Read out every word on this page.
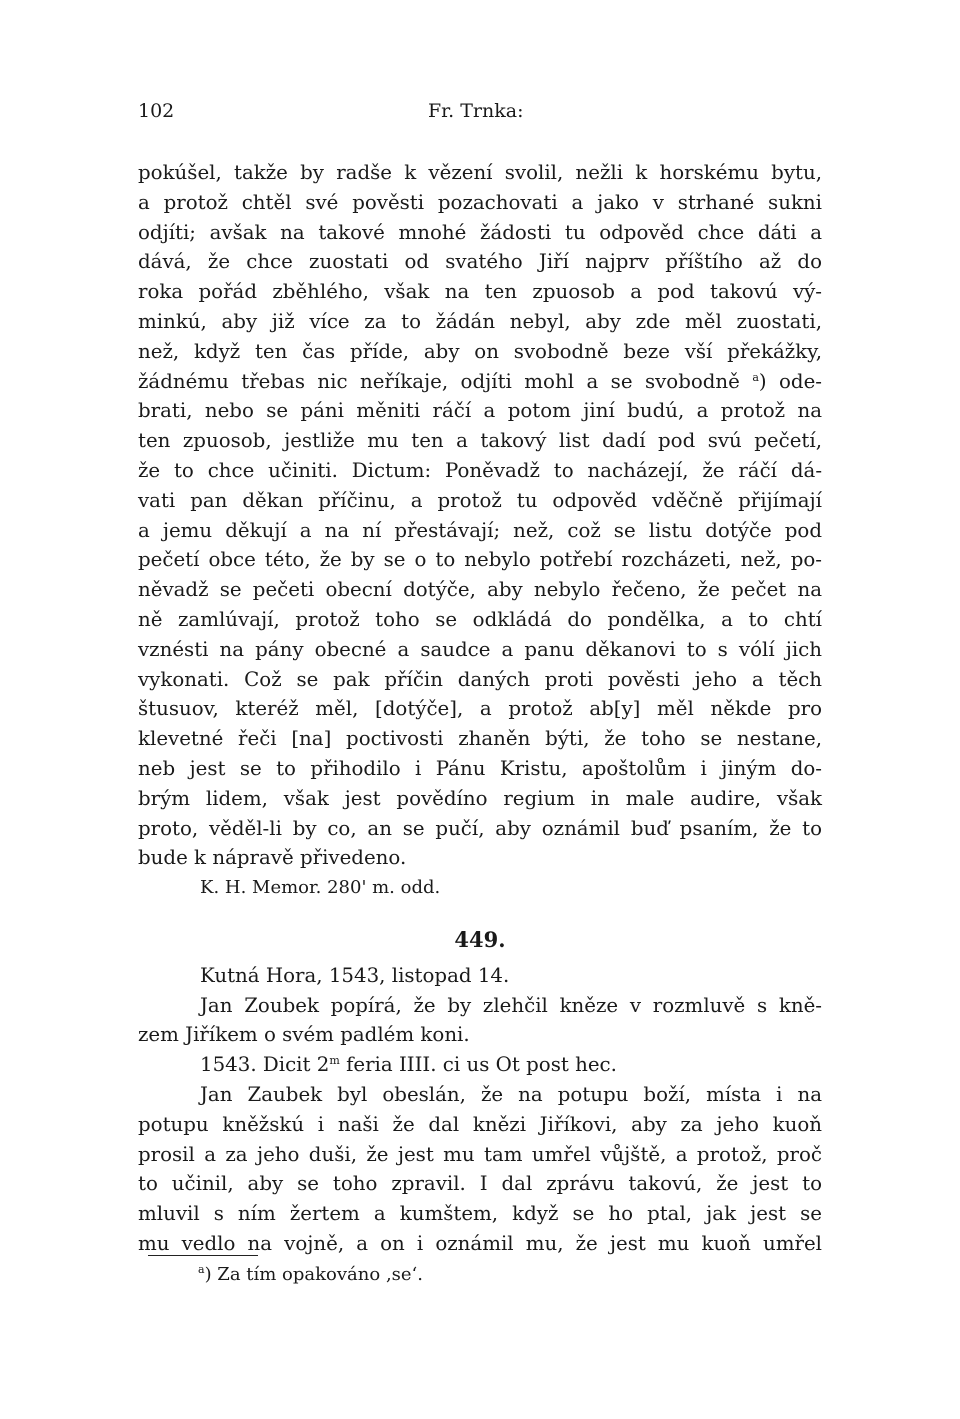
102	Fr. Trnka:
pokúšel, takže by radše k vězení svolil, nežli k horskému bytu,
a protož chtěl své pověsti pozachovati a jako v strhané sukni
odjíti; avšak na takové mnohé žádosti tu odpověd chce dáti a
dává, že chce zuostati od svatého Jiří najprv příštího až do
roka pořád zběhlého, však na ten zpuosob a pod takovú vý-
minkú, aby již více za to žádán nebyl, aby zde měl zuostati,
než, když ten čas příde, aby on svobodně beze vší překážky,
žádnému třebas nic neříkaje, odjíti mohl a se svobodně $^a$) ode-
brati, nebo se páni měniti ráčí a potom jiní budú, a protož na
ten zpuosob, jestliže mu ten a takový list dadí pod svú pečetí,
že to chce učiniti. Dictum: Poněvadž to nacházejí, že ráčí dá-
vati pan děkan příčinu, a protož tu odpověd vděčně přijímají
a jemu děkují a na ní přestávají; než, což se listu dotýče pod
pečetí obce této, že by se o to nebylo potřebí rozcházeti, než, po-
něvadž se pečeti obecní dotýče, aby nebylo řečeno, že pečet na
ně zamlúvají, protož toho se odkládá do pondělka, a to chtí
vznésti na pány obecné a saudce a panu děkanovi to s vólí jich
vykonati. Což se pak příčin daných proti pověsti jeho a těch
štusuov, kteréž měl, [dotýče], a protož ab[y] měl někde pro
klevetné řeči [na] poctivosti zhaněn býti, že toho se nestane,
neb jest se to přihodilo i Pánu Kristu, apoštolům i jiným do-
brým lidem, však jest povědíno regium in male audire, však
proto, věděl-li by co, an se pučí, aby oznámil buď psaním, že to
bude k nápravě přivedeno.
K. H. Memor. 280' m. odd.
449.
Kutná Hora, 1543, listopad 14.
Jan Zoubek popírá, že by zlehčil kněze v rozmluvě s kně-
zem Jiříkem o svém padlém koni.
1543. Dicit 2$^m$ feria IIII. ci us Ot post hec.
Jan Zaubek byl obeslán, že na potupu boží, místa i na
potupu kněžskú i naši že dal knězi Jiříkovi, aby za jeho kuoň
prosil a za jeho duši, že jest mu tam umřel vůjště, a protož, proč
to učinil, aby se toho zpravil. I dal zprávu takovú, že jest to
mluvil s ním žertem a kumštem, když se ho ptal, jak jest se
mu vedlo na vojně, a on i oznámil mu, že jest mu kuoň umřel
$^a$) Za tím opakováno ‚se‘.
